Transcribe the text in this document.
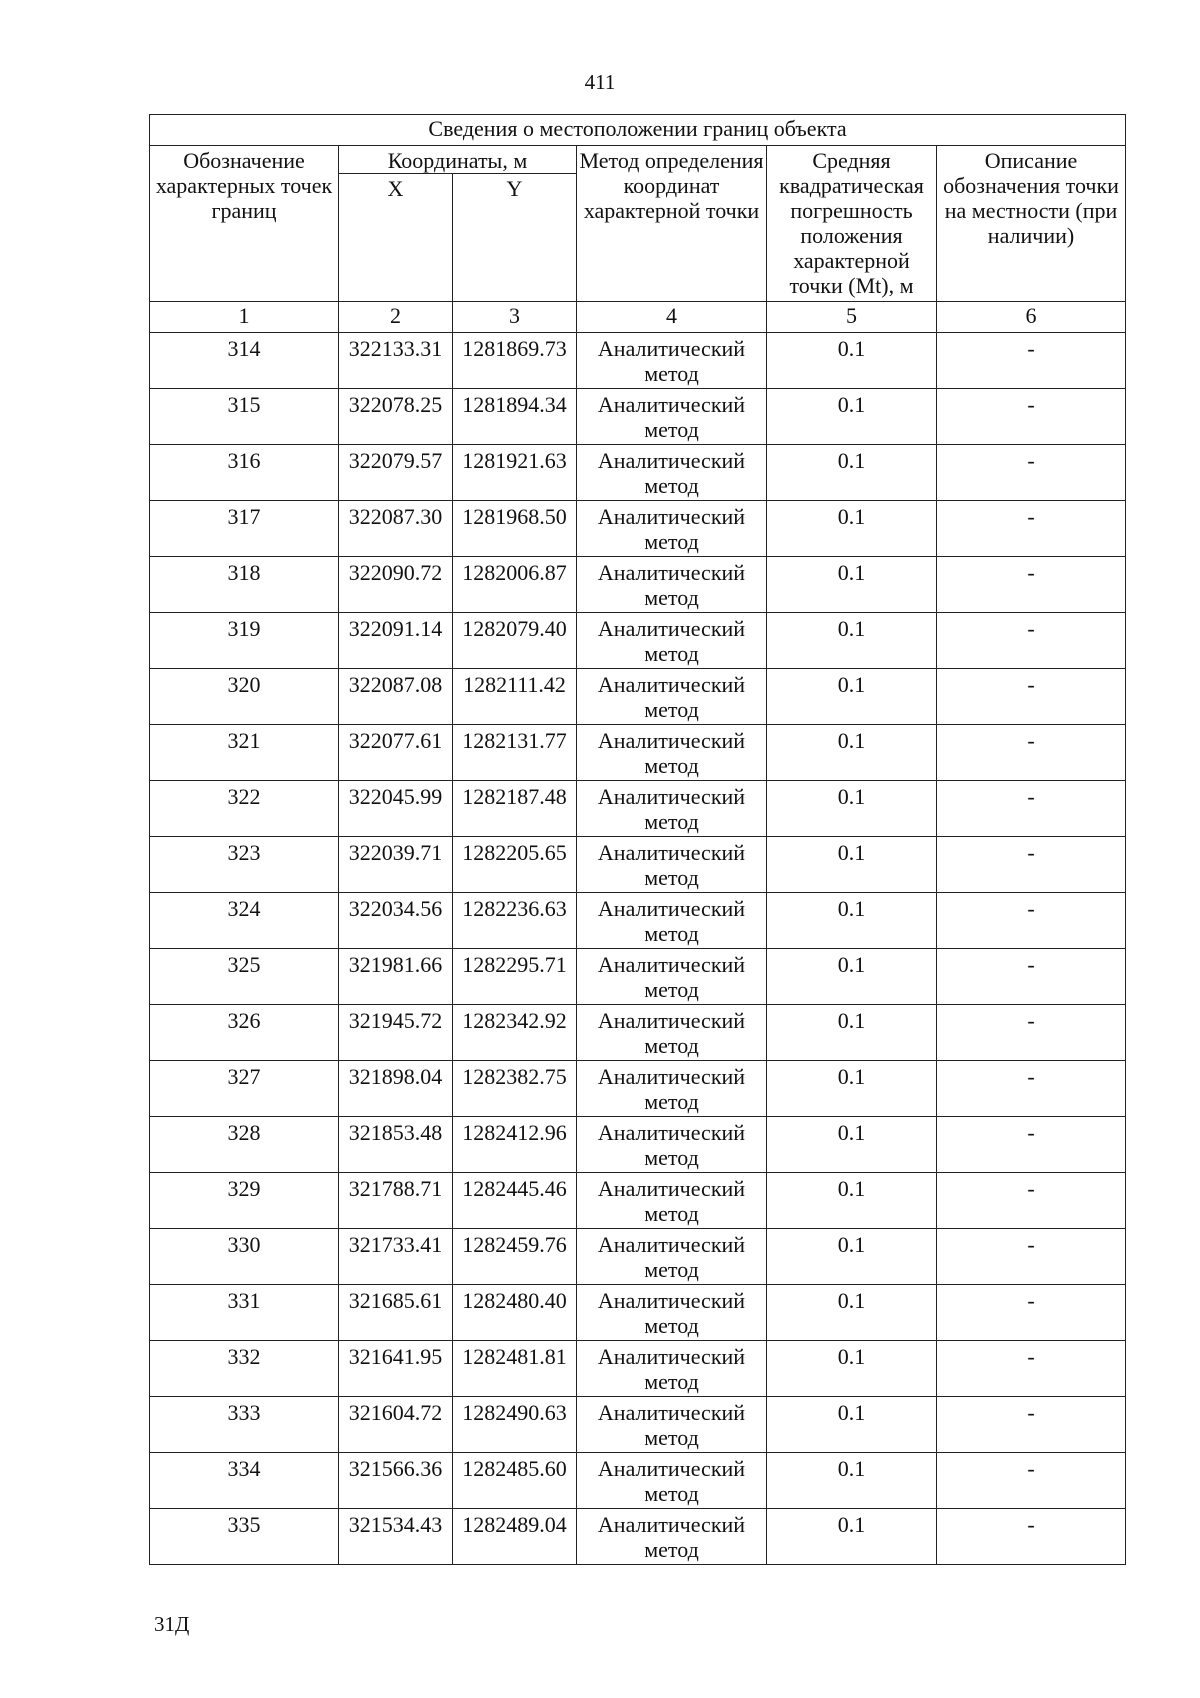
411
Сведения о местоположении границ объекта					
Обозначение характерных точек границ	Координаты, м		Метод определения координат характерной точки	Средняя квадратическая погрешность положения характерной точки (Mt), м	Описание обозначения точки на местности (при наличии)
	X	Y			
1	2	3	4	5	6
314	322133.31	1281869.73	Аналитический метод	0.1	-
315	322078.25	1281894.34	Аналитический метод	0.1	-
316	322079.57	1281921.63	Аналитический метод	0.1	-
317	322087.30	1281968.50	Аналитический метод	0.1	-
318	322090.72	1282006.87	Аналитический метод	0.1	-
319	322091.14	1282079.40	Аналитический метод	0.1	-
320	322087.08	1282111.42	Аналитический метод	0.1	-
321	322077.61	1282131.77	Аналитический метод	0.1	-
322	322045.99	1282187.48	Аналитический метод	0.1	-
323	322039.71	1282205.65	Аналитический метод	0.1	-
324	322034.56	1282236.63	Аналитический метод	0.1	-
325	321981.66	1282295.71	Аналитический метод	0.1	-
326	321945.72	1282342.92	Аналитический метод	0.1	-
327	321898.04	1282382.75	Аналитический метод	0.1	-
328	321853.48	1282412.96	Аналитический метод	0.1	-
329	321788.71	1282445.46	Аналитический метод	0.1	-
330	321733.41	1282459.76	Аналитический метод	0.1	-
331	321685.61	1282480.40	Аналитический метод	0.1	-
332	321641.95	1282481.81	Аналитический метод	0.1	-
333	321604.72	1282490.63	Аналитический метод	0.1	-
334	321566.36	1282485.60	Аналитический метод	0.1	-
335	321534.43	1282489.04	Аналитический метод	0.1	-
31Д
